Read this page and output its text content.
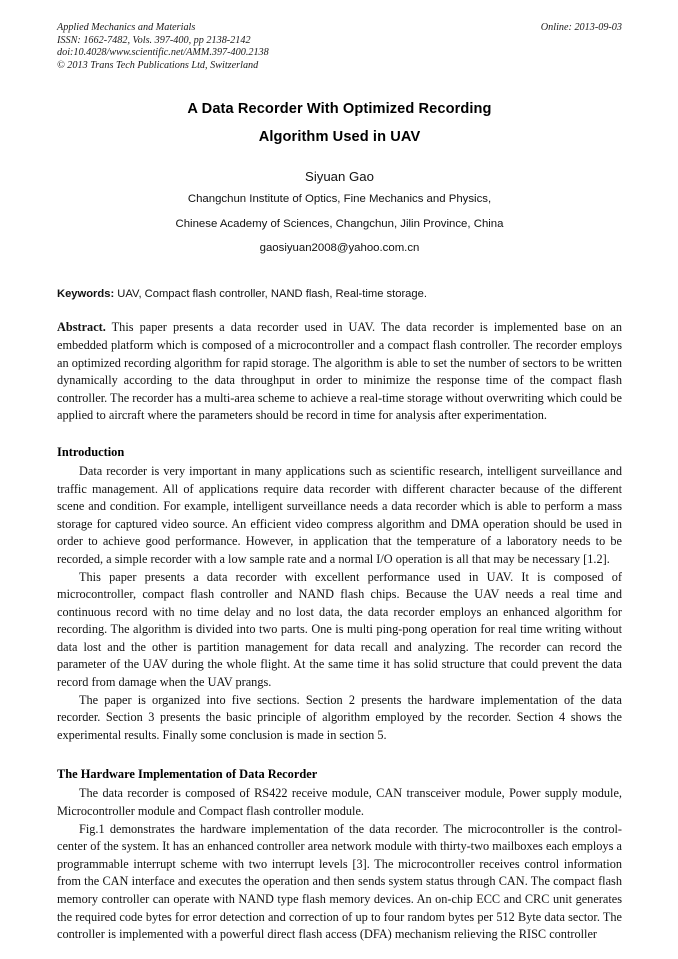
Applied Mechanics and Materials
ISSN: 1662-7482, Vols. 397-400, pp 2138-2142
doi:10.4028/www.scientific.net/AMM.397-400.2138
© 2013 Trans Tech Publications Ltd, Switzerland
Online: 2013-09-03
A Data Recorder With Optimized Recording
Algorithm Used in UAV
Siyuan Gao
Changchun Institute of Optics, Fine Mechanics and Physics,
Chinese Academy of Sciences, Changchun, Jilin Province, China
gaosiyuan2008@yahoo.com.cn
Keywords: UAV, Compact flash controller, NAND flash, Real-time storage.
Abstract. This paper presents a data recorder used in UAV. The data recorder is implemented base on an embedded platform which is composed of a microcontroller and a compact flash controller. The recorder employs an optimized recording algorithm for rapid storage. The algorithm is able to set the number of sectors to be written dynamically according to the data throughput in order to minimize the response time of the compact flash controller. The recorder has a multi-area scheme to achieve a real-time storage without overwriting which could be applied to aircraft where the parameters should be record in time for analysis after experimentation.
Introduction

Data recorder is very important in many applications such as scientific research, intelligent surveillance and traffic management. All of applications require data recorder with different character because of the different scene and condition. For example, intelligent surveillance needs a data recorder which is able to perform a mass storage for captured video source. An efficient video compress algorithm and DMA operation should be used in order to achieve good performance. However, in application that the temperature of a laboratory needs to be recorded, a simple recorder with a low sample rate and a normal I/O operation is all that may be necessary [1.2].

This paper presents a data recorder with excellent performance used in UAV. It is composed of microcontroller, compact flash controller and NAND flash chips. Because the UAV needs a real time and continuous record with no time delay and no lost data, the data recorder employs an enhanced algorithm for recording. The algorithm is divided into two parts. One is multi ping-pong operation for real time writing without data lost and the other is partition management for data recall and analyzing. The recorder can record the parameter of the UAV during the whole flight. At the same time it has solid structure that could prevent the data record from damage when the UAV prangs.

The paper is organized into five sections. Section 2 presents the hardware implementation of the data recorder. Section 3 presents the basic principle of algorithm employed by the recorder. Section 4 shows the experimental results. Finally some conclusion is made in section 5.

The Hardware Implementation of Data Recorder

The data recorder is composed of RS422 receive module, CAN transceiver module, Power supply module, Microcontroller module and Compact flash controller module.

Fig.1 demonstrates the hardware implementation of the data recorder. The microcontroller is the control-center of the system. It has an enhanced controller area network module with thirty-two mailboxes each employs a programmable interrupt scheme with two interrupt levels [3]. The microcontroller receives control information from the CAN interface and executes the operation and then sends system status through CAN. The compact flash memory controller can operate with NAND type flash memory devices. An on-chip ECC and CRC unit generates the required code bytes for error detection and correction of up to four random bytes per 512 Byte data sector. The controller is implemented with a powerful direct flash access (DFA) mechanism relieving the RISC controller
